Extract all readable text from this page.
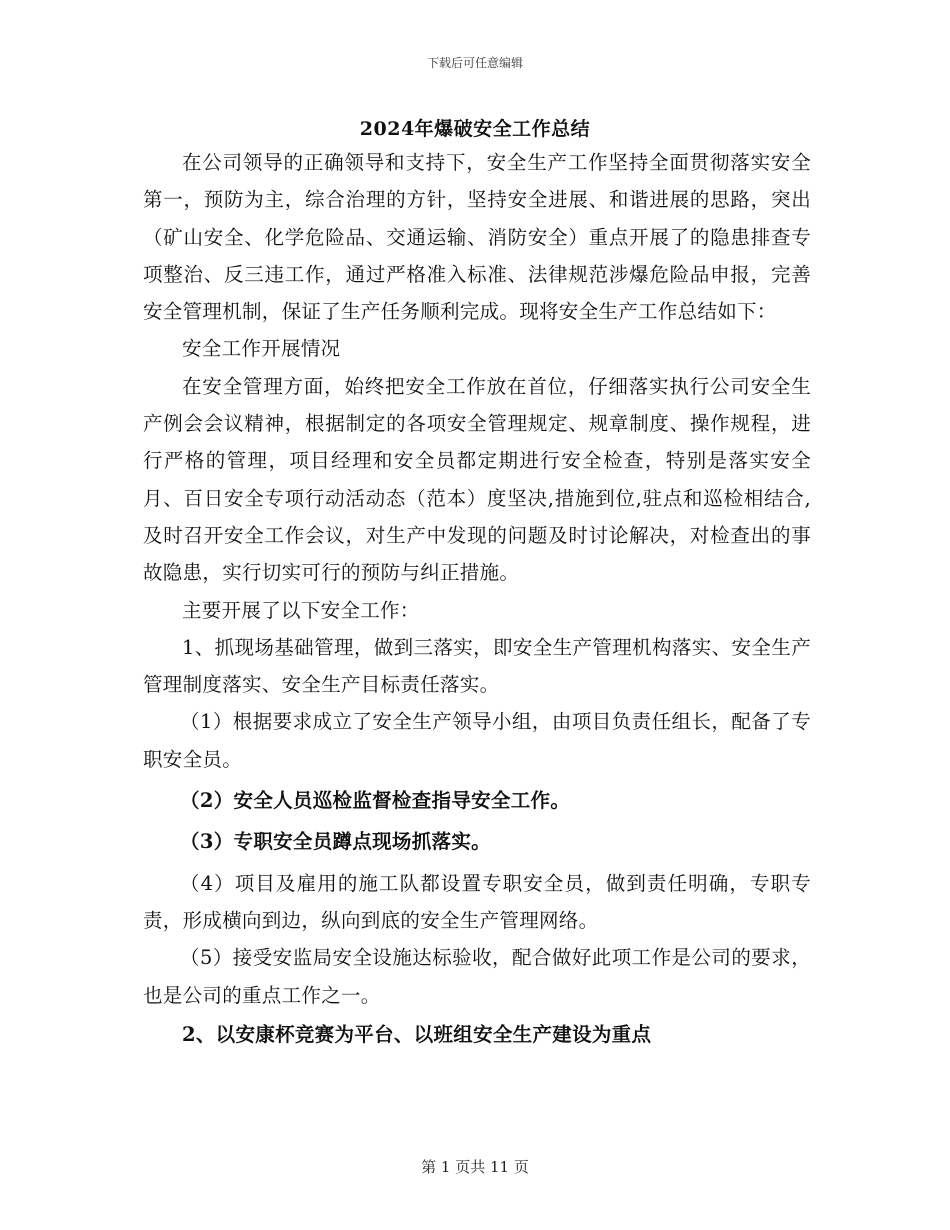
下载后可任意编辑
2024年爆破安全工作总结

在公司领导的正确领导和支持下，安全生产工作坚持全面贯彻落实安全第一，预防为主，综合治理的方针，坚持安全进展、和谐进展的思路，突出（矿山安全、化学危险品、交通运输、消防安全）重点开展了的隐患排查专项整治、反三违工作，通过严格准入标准、法律规范涉爆危险品申报，完善安全管理机制，保证了生产任务顺利完成。现将安全生产工作总结如下：

安全工作开展情况

在安全管理方面，始终把安全工作放在首位，仔细落实执行公司安全生产例会会议精神，根据制定的各项安全管理规定、规章制度、操作规程，进行严格的管理，项目经理和安全员都定期进行安全检查，特别是落实安全月、百日安全专项行动活动态（范本）度坚决,措施到位,驻点和巡检相结合,及时召开安全工作会议，对生产中发现的问题及时讨论解决，对检查出的事故隐患，实行切实可行的预防与纠正措施。

主要开展了以下安全工作：

1、抓现场基础管理，做到三落实，即安全生产管理机构落实、安全生产管理制度落实、安全生产目标责任落实。

（1）根据要求成立了安全生产领导小组，由项目负责任组长，配备了专职安全员。

（2）安全人员巡检监督检查指导安全工作。

（3）专职安全员蹲点现场抓落实。

（4）项目及雇用的施工队都设置专职安全员，做到责任明确，专职专责，形成横向到边，纵向到底的安全生产管理网络。

（5）接受安监局安全设施达标验收，配合做好此项工作是公司的要求，也是公司的重点工作之一。

2、以安康杯竞赛为平台、以班组安全生产建设为重点

第 1 页共 11 页
